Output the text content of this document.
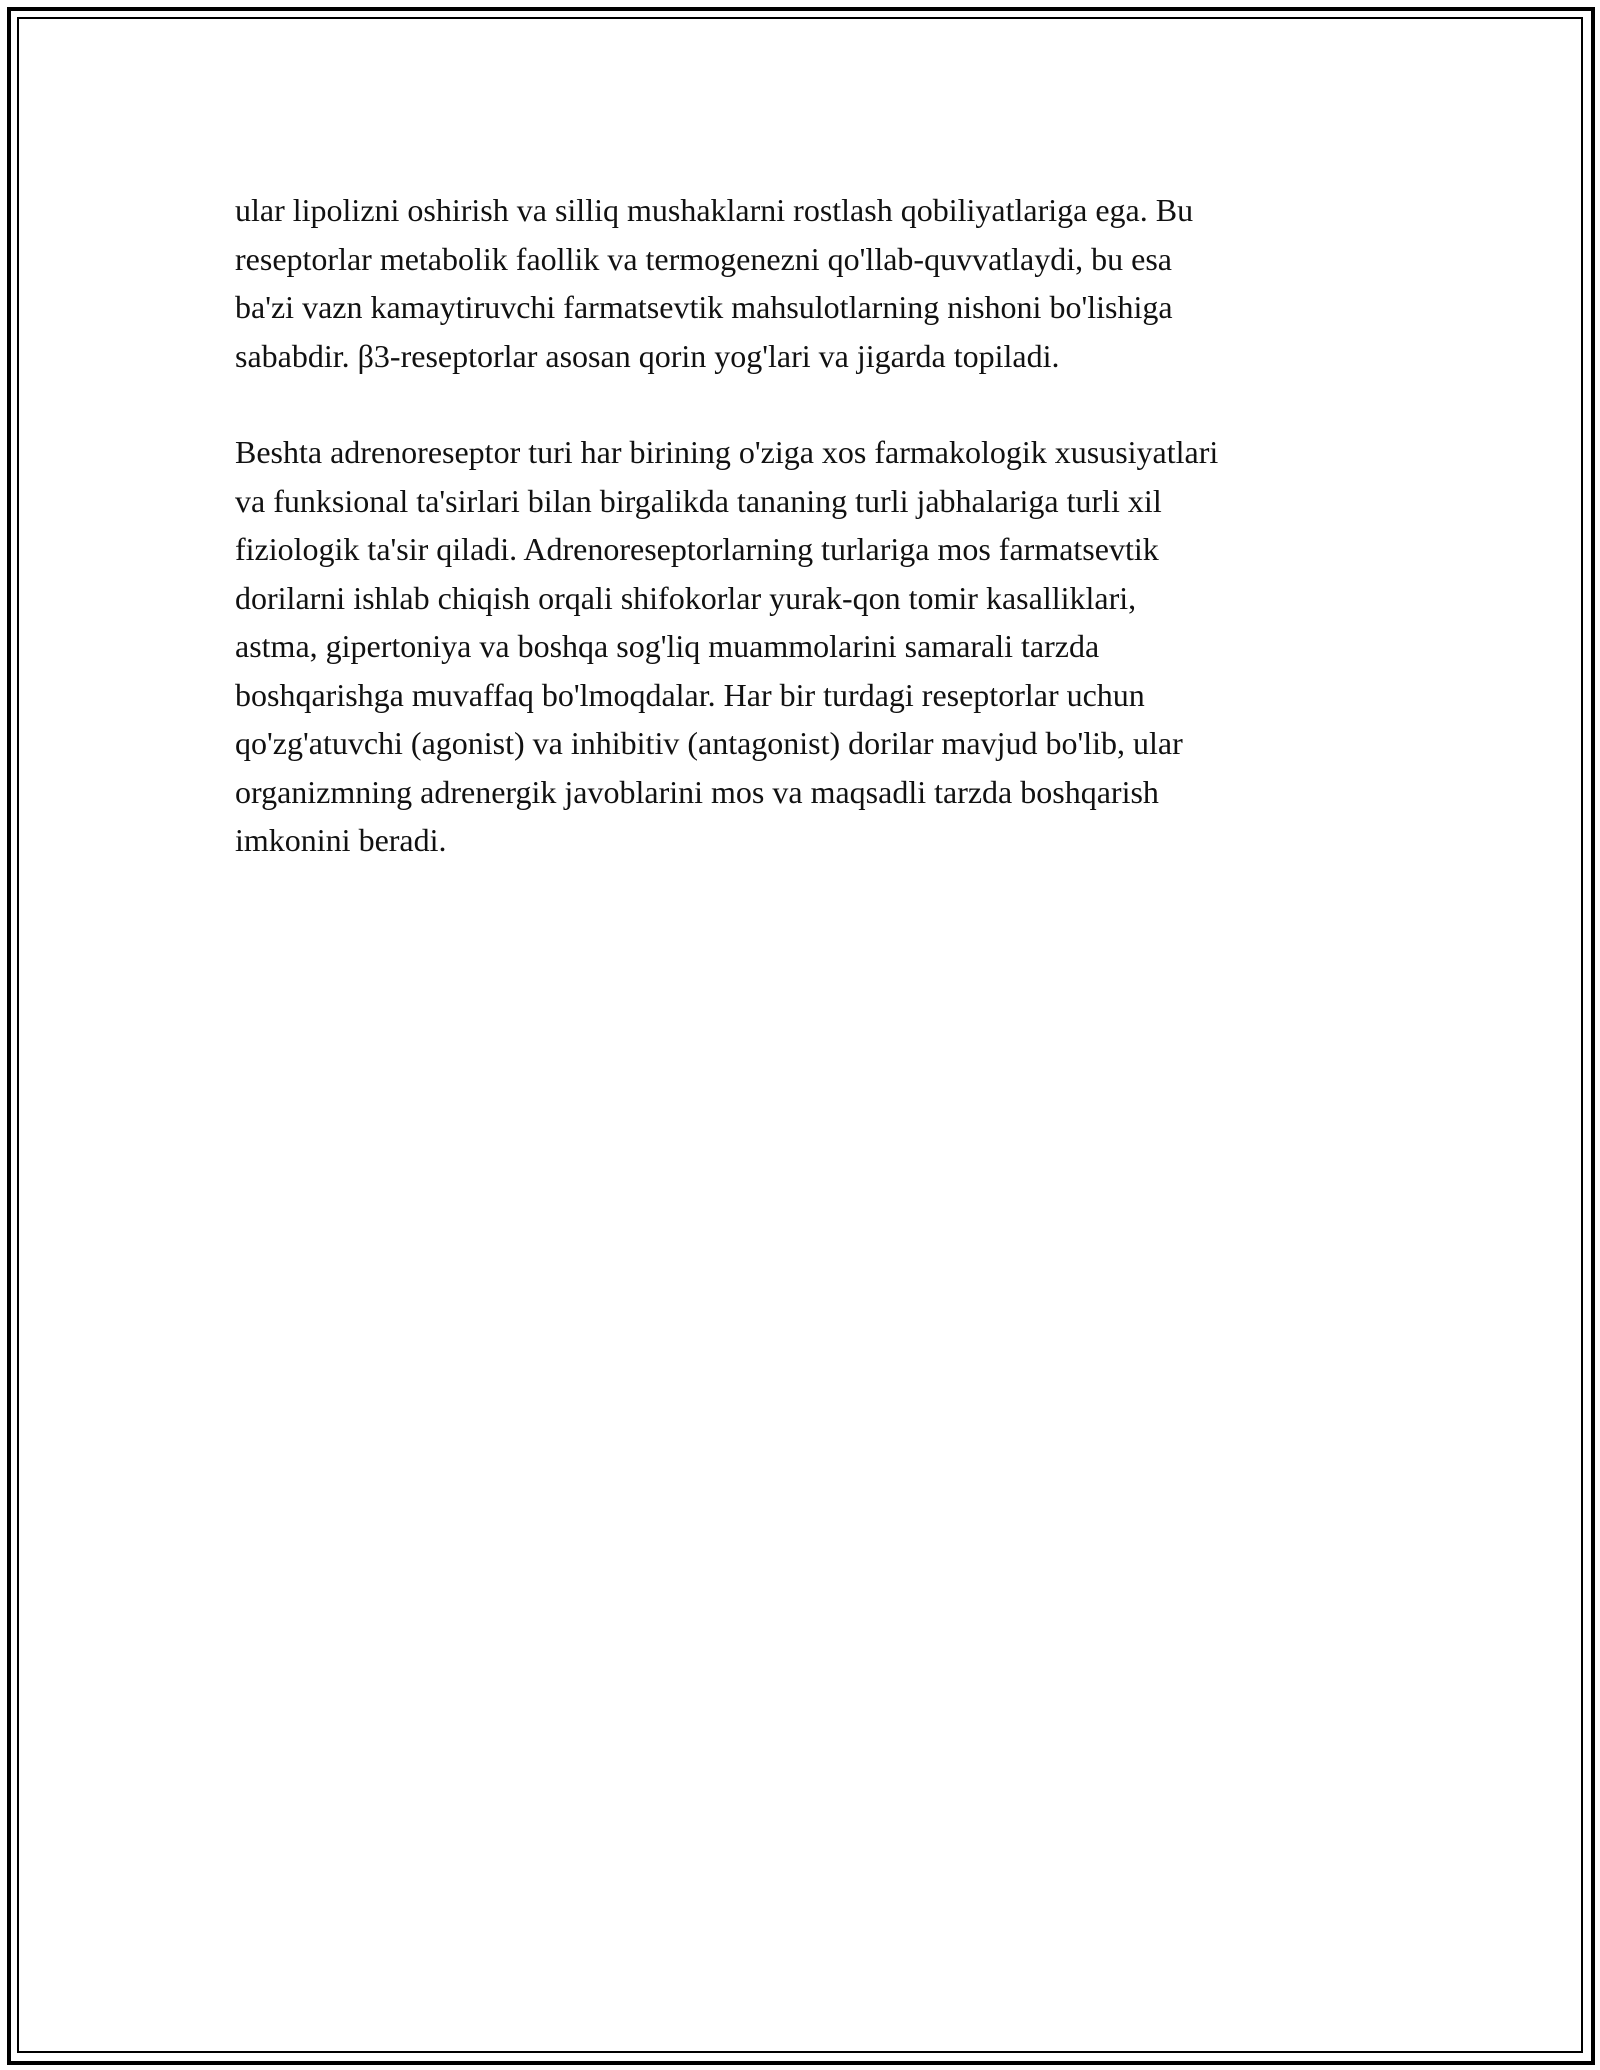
ular lipolizni oshirish va silliq mushaklarni rostlash qobiliyatlariga ega. Bu

reseptorlar metabolik faollik va termogenezni qo'llab-quvvatlaydi, bu esa

ba'zi vazn kamaytiruvchi farmatsevtik mahsulotlarning nishoni bo'lishiga

sababdir. β3-reseptorlar asosan qorin yog'lari va jigarda topiladi.

Beshta adrenoreseptor turi har birining o'ziga xos farmakologik xususiyatlari

va funksional ta'sirlari bilan birgalikda tananing turli jabhalariga turli xil

fiziologik ta'sir qiladi. Adrenoreseptorlarning turlariga mos farmatsevtik

dorilarni ishlab chiqish orqali shifokorlar yurak-qon tomir kasalliklari,

astma, gipertoniya va boshqa sog'liq muammolarini samarali tarzda

boshqarishga muvaffaq bo'lmoqdalar. Har bir turdagi reseptorlar uchun

qo'zg'atuvchi (agonist) va inhibitiv (antagonist) dorilar mavjud bo'lib, ular

organizmning adrenergik javoblarini mos va maqsadli tarzda boshqarish

imkonini beradi.
